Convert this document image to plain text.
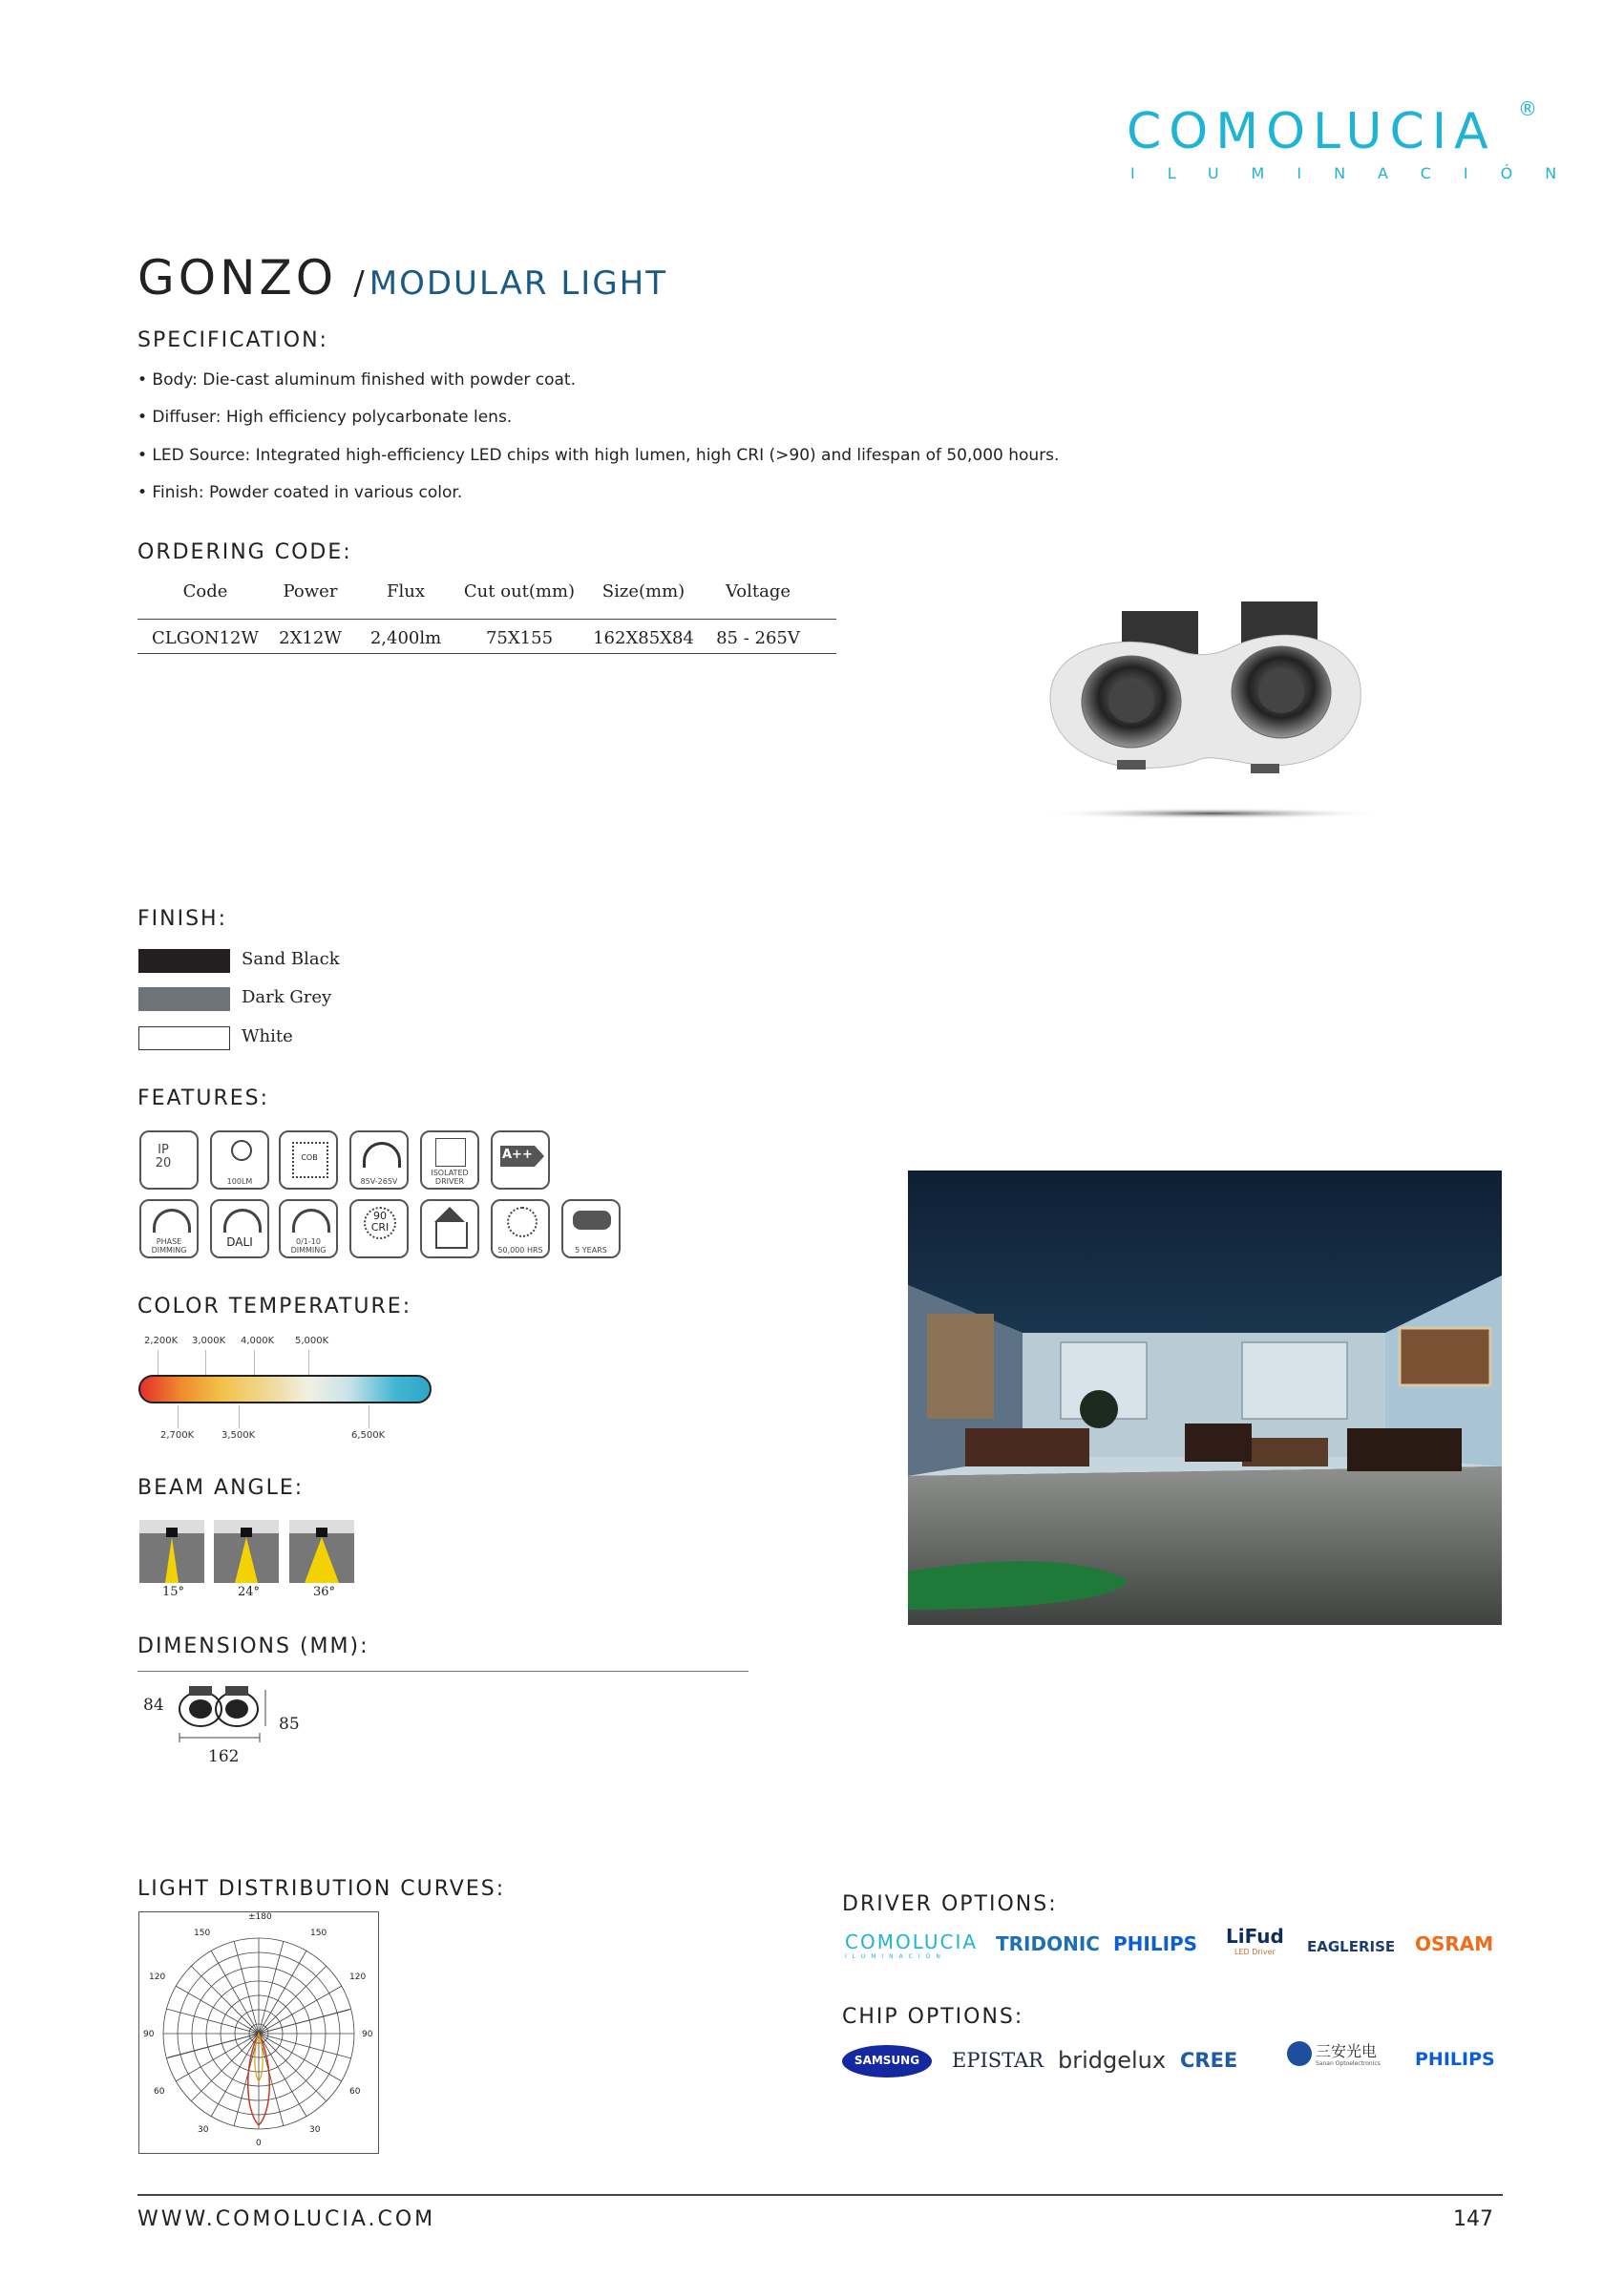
COMOLUCIA ®
ILUMINACIÓN
GONZO / MODULAR LIGHT
SPECIFICATION:
• Body: Die-cast aluminum finished with powder coat.
• Diffuser: High efficiency polycarbonate lens.
• LED Source: Integrated high-efficiency LED chips with high lumen, high CRI (>90) and lifespan of 50,000 hours.
• Finish: Powder coated in various color.
ORDERING CODE:
Code	Power	Flux	Cut out(mm)	Size(mm)	Voltage
CLGON12W	2X12W	2,400lm	75X155	162X85X84	85 - 265V
FINISH:
Sand Black
Dark Grey
White
FEATURES:
IP 20
100LM
COB
85V-265V
ISOLATED DRIVER
A++
PHASE DIMMING
DALI	0/1-10 DIMMING
90 CRI
50,000 HRS	5 YEARS
COLOR TEMPERATURE:
2,200K 3,000K 4,000K 5,000K
2,700K	3,500K	6,500K
BEAM ANGLE:
15°	24°	36°
DIMENSIONS (MM):
84
85
162
LIGHT DISTRIBUTION CURVES:
±180
150	150
120	120
90	90
60	60
30	30
0
DRIVER OPTIONS:
COMOLUCIA
ILUMINACIÓN
TRIDONIC PHILIPS LiFud
LED Driver	EAGLERISE OSRAM
CHIP OPTIONS:
SAMSUNG	EPISTAR bridgelux CREE	三安光电
Sanan Optoelectronics PHILIPS
WWW.COMOLUCIA.COM	147
